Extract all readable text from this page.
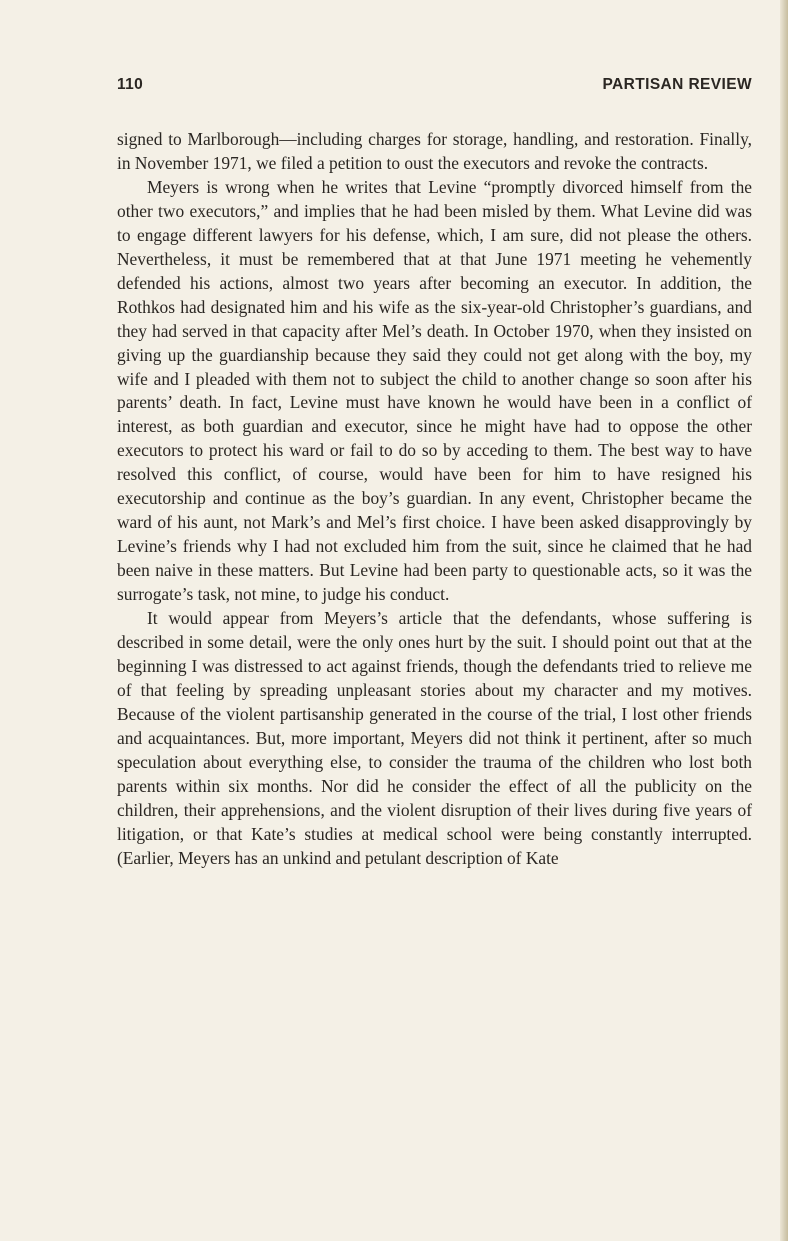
110	PARTISAN REVIEW

signed to Marlborough—including charges for storage, handling, and restoration. Finally, in November 1971, we filed a petition to oust the executors and revoke the contracts.

Meyers is wrong when he writes that Levine “promptly divorced himself from the other two executors,” and implies that he had been misled by them. What Levine did was to engage different lawyers for his defense, which, I am sure, did not please the others. Nevertheless, it must be remembered that at that June 1971 meeting he vehemently defended his actions, almost two years after becoming an executor. In addition, the Rothkos had designated him and his wife as the six-year-old Christopher’s guardians, and they had served in that capacity after Mel’s death. In October 1970, when they insisted on giving up the guardianship because they said they could not get along with the boy, my wife and I pleaded with them not to subject the child to another change so soon after his parents’ death. In fact, Levine must have known he would have been in a conflict of interest, as both guardian and executor, since he might have had to oppose the other executors to protect his ward or fail to do so by acceding to them. The best way to have resolved this conflict, of course, would have been for him to have resigned his executorship and continue as the boy’s guardian. In any event, Christopher became the ward of his aunt, not Mark’s and Mel’s first choice. I have been asked disapprovingly by Levine’s friends why I had not excluded him from the suit, since he claimed that he had been naive in these matters. But Levine had been party to questionable acts, so it was the surrogate’s task, not mine, to judge his conduct.

It would appear from Meyers’s article that the defendants, whose suffering is described in some detail, were the only ones hurt by the suit. I should point out that at the beginning I was distressed to act against friends, though the defendants tried to relieve me of that feeling by spreading unpleasant stories about my character and my motives. Because of the violent partisanship generated in the course of the trial, I lost other friends and acquaintances. But, more important, Meyers did not think it pertinent, after so much speculation about everything else, to consider the trauma of the children who lost both parents within six months. Nor did he consider the effect of all the publicity on the children, their apprehensions, and the violent disruption of their lives during five years of litigation, or that Kate’s studies at medical school were being constantly interrupted. (Earlier, Meyers has an unkind and petulant description of Kate
